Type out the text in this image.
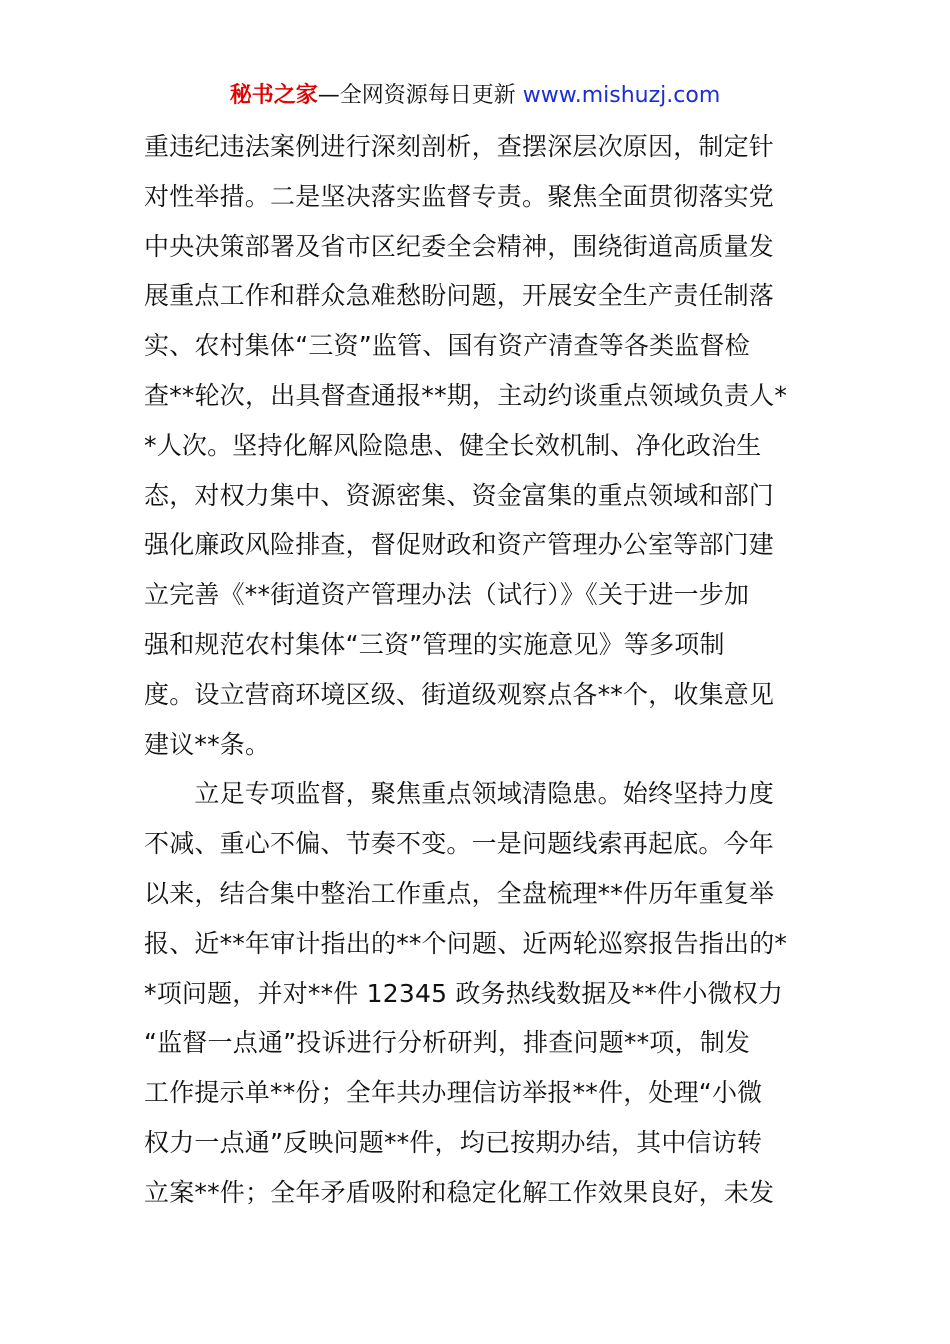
秘书之家—全网资源每日更新 www.mishuzj.com
重违纪违法案例进行深刻剖析，查摆深层次原因，制定针
对性举措。二是坚决落实监督专责。聚焦全面贯彻落实党
中央决策部署及省市区纪委全会精神，围绕街道高质量发
展重点工作和群众急难愁盼问题，开展安全生产责任制落
实、农村集体“三资”监管、国有资产清查等各类监督检
查**轮次，出具督查通报**期，主动约谈重点领域负责人*
*人次。坚持化解风险隐患、健全长效机制、净化政治生
态，对权力集中、资源密集、资金富集的重点领域和部门
强化廉政风险排查，督促财政和资产管理办公室等部门建
立完善《**街道资产管理办法（试行）》《关于进一步加
强和规范农村集体“三资”管理的实施意见》等多项制
度。设立营商环境区级、街道级观察点各**个，收集意见
建议**条。
　　立足专项监督，聚焦重点领域清隐患。始终坚持力度
不减、重心不偏、节奏不变。一是问题线索再起底。今年
以来，结合集中整治工作重点，全盘梳理**件历年重复举
报、近**年审计指出的**个问题、近两轮巡察报告指出的*
*项问题，并对**件 12345 政务热线数据及**件小微权力
“监督一点通”投诉进行分析研判，排查问题**项，制发
工作提示单**份；全年共办理信访举报**件，处理“小微
权力一点通”反映问题**件，均已按期办结，其中信访转
立案**件；全年矛盾吸附和稳定化解工作效果良好，未发
